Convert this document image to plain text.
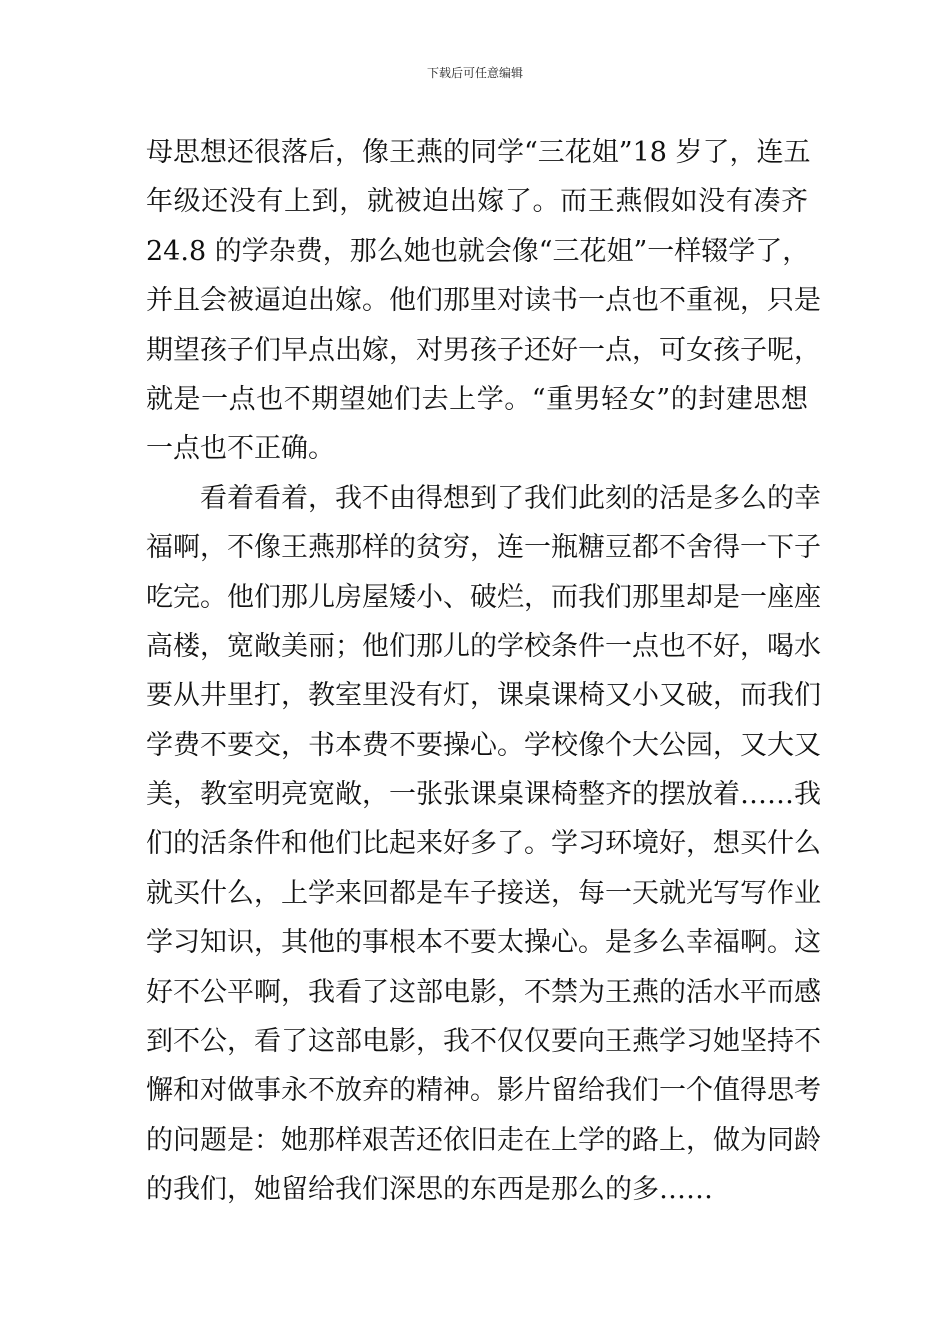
下载后可任意编辑
母思想还很落后，像王燕的同学“三花姐”18 岁了，连五
年级还没有上到，就被迫出嫁了。而王燕假如没有凑齐
24.8 的学杂费，那么她也就会像“三花姐”一样辍学了，
并且会被逼迫出嫁。他们那里对读书一点也不重视，只是
期望孩子们早点出嫁，对男孩子还好一点，可女孩子呢，
就是一点也不期望她们去上学。“重男轻女”的封建思想
一点也不正确。
看着看着，我不由得想到了我们此刻的活是多么的幸
福啊，不像王燕那样的贫穷，连一瓶糖豆都不舍得一下子
吃完。他们那儿房屋矮小、破烂，而我们那里却是一座座
高楼，宽敞美丽；他们那儿的学校条件一点也不好，喝水
要从井里打，教室里没有灯，课桌课椅又小又破，而我们
学费不要交，书本费不要操心。学校像个大公园，又大又
美，教室明亮宽敞，一张张课桌课椅整齐的摆放着……我
们的活条件和他们比起来好多了。学习环境好，想买什么
就买什么，上学来回都是车子接送，每一天就光写写作业
学习知识，其他的事根本不要太操心。是多么幸福啊。这
好不公平啊，我看了这部电影，不禁为王燕的活水平而感
到不公，看了这部电影，我不仅仅要向王燕学习她坚持不
懈和对做事永不放弃的精神。影片留给我们一个值得思考
的问题是：她那样艰苦还依旧走在上学的路上，做为同龄
的我们，她留给我们深思的东西是那么的多……
